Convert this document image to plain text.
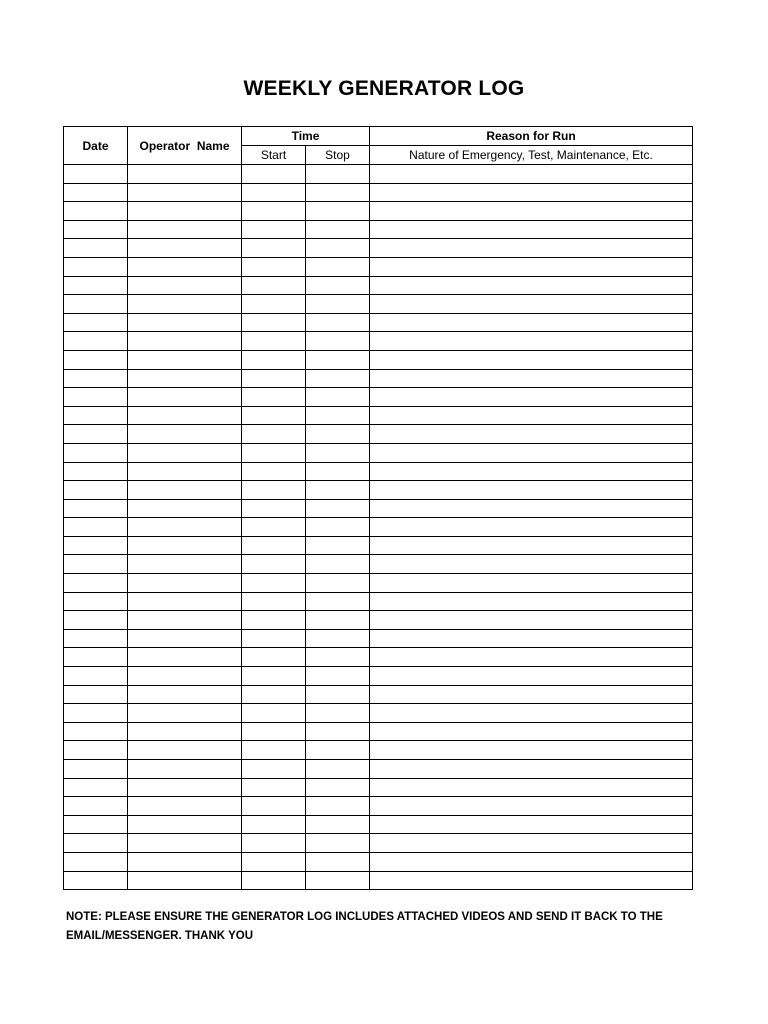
WEEKLY GENERATOR LOG
Date	Operator  Name	Time		Reason for Run
		Start	Stop	Nature of Emergency, Test, Maintenance, Etc.

NOTE: PLEASE ENSURE THE GENERATOR LOG INCLUDES ATTACHED VIDEOS AND SEND IT BACK TO THE EMAIL/MESSENGER. THANK YOU
